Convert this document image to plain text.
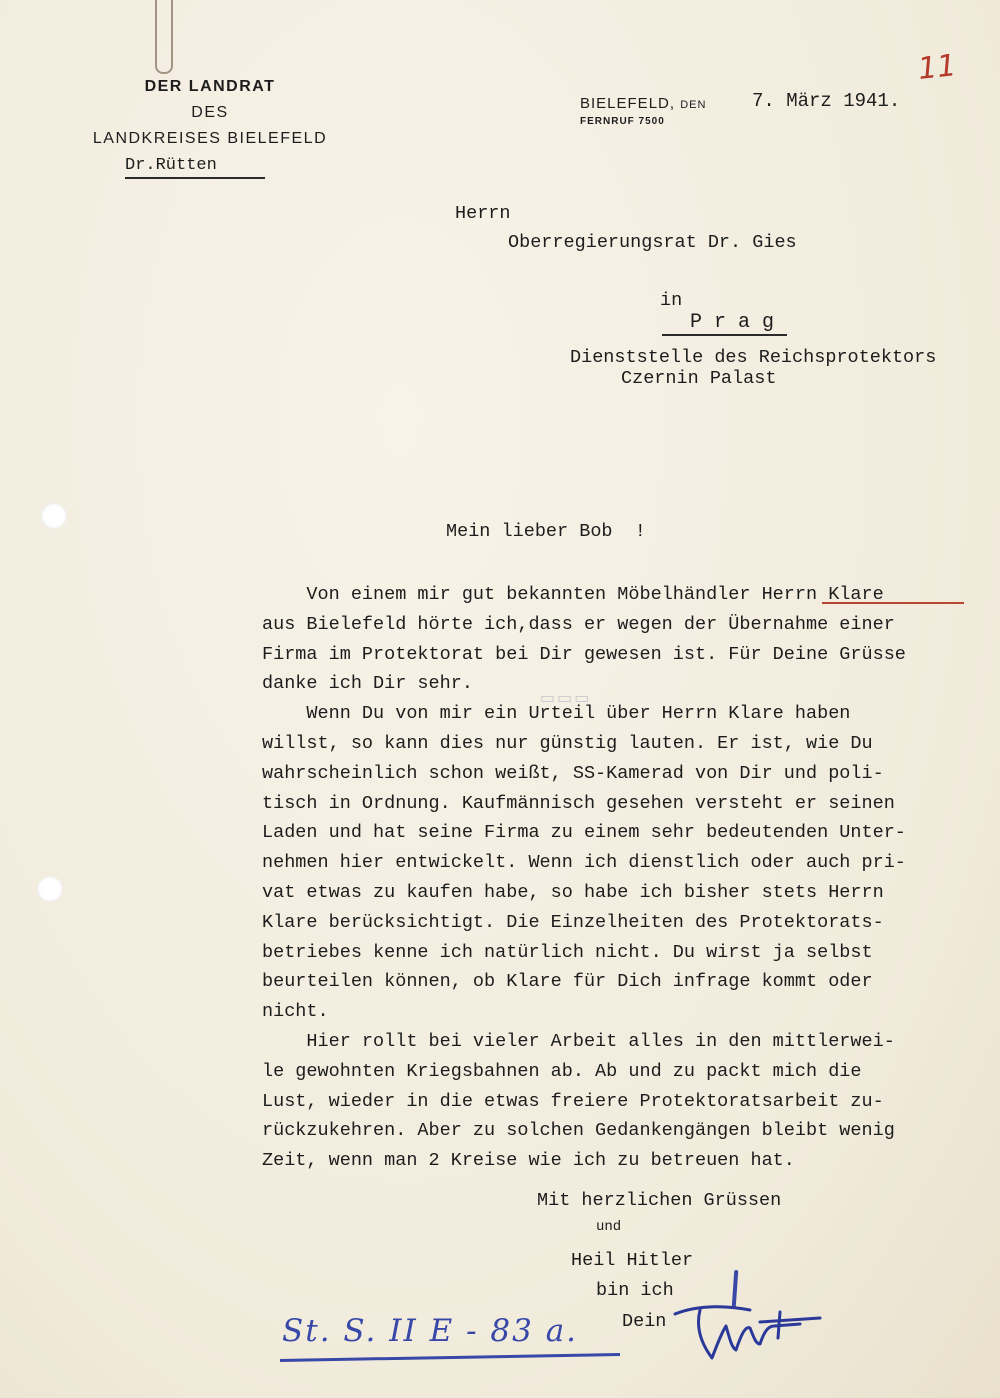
DER LANDRAT
DES
LANDKREISES BIELEFELD
Dr.Rütten
BIELEFELD, DEN
FERNRUF 7500
7. März 1941.
11
Herrn
Oberregierungsrat Dr. Gies
in
P r a g
Dienststelle des Reichsprotektors
Czernin Palast
Mein lieber Bob  !
▭▭▭
Von einem mir gut bekannten Möbelhändler Herrn Klare
aus Bielefeld hörte ich,dass er wegen der Übernahme einer
Firma im Protektorat bei Dir gewesen ist. Für Deine Grüsse
danke ich Dir sehr.
Wenn Du von mir ein Urteil über Herrn Klare haben
willst, so kann dies nur günstig lauten. Er ist, wie Du
wahrscheinlich schon weißt, SS-Kamerad von Dir und poli-
tisch in Ordnung. Kaufmännisch gesehen versteht er seinen
Laden und hat seine Firma zu einem sehr bedeutenden Unter-
nehmen hier entwickelt. Wenn ich dienstlich oder auch pri-
vat etwas zu kaufen habe, so habe ich bisher stets Herrn
Klare berücksichtigt. Die Einzelheiten des Protektorats-
betriebes kenne ich natürlich nicht. Du wirst ja selbst
beurteilen können, ob Klare für Dich infrage kommt oder
nicht.
Hier rollt bei vieler Arbeit alles in den mittlerwei-
le gewohnten Kriegsbahnen ab. Ab und zu packt mich die
Lust, wieder in die etwas freiere Protektoratsarbeit zu-
rückzukehren. Aber zu solchen Gedankengängen bleibt wenig
Zeit, wenn man 2 Kreise wie ich zu betreuen hat.
Mit herzlichen Grüssen
und
Heil Hitler
bin ich
Dein
St. S. II E - 83 a.
